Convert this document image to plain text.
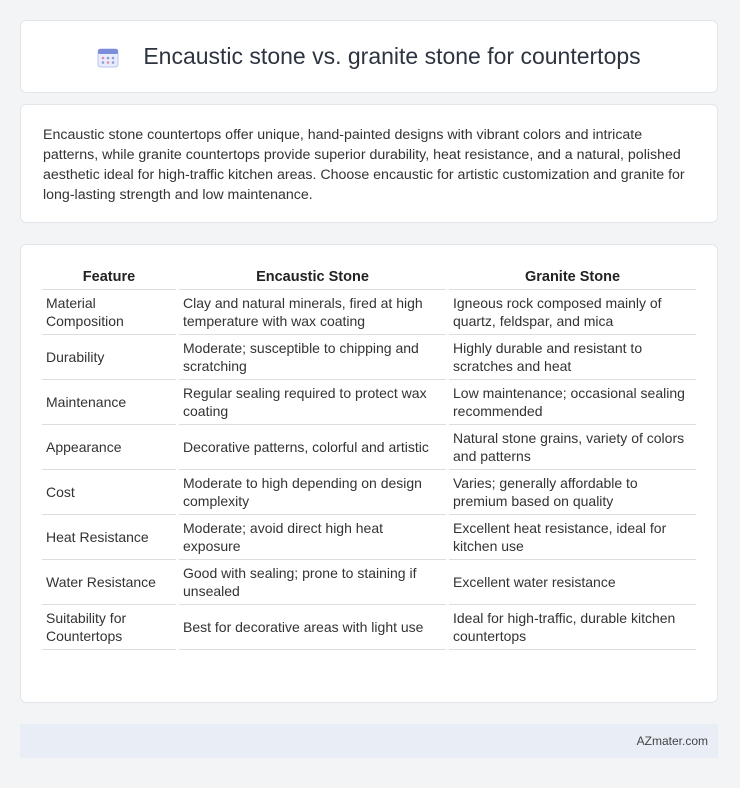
Encaustic stone vs. granite stone for countertops

Encaustic stone countertops offer unique, hand-painted designs with vibrant colors and intricate patterns, while granite countertops provide superior durability, heat resistance, and a natural, polished aesthetic ideal for high-traffic kitchen areas. Choose encaustic for artistic customization and granite for long-lasting strength and low maintenance.

Feature	Encaustic Stone	Granite Stone
Material Composition	Clay and natural minerals, fired at high temperature with wax coating	Igneous rock composed mainly of quartz, feldspar, and mica
Durability	Moderate; susceptible to chipping and scratching	Highly durable and resistant to scratches and heat
Maintenance	Regular sealing required to protect wax coating	Low maintenance; occasional sealing recommended
Appearance	Decorative patterns, colorful and artistic	Natural stone grains, variety of colors and patterns
Cost	Moderate to high depending on design complexity	Varies; generally affordable to premium based on quality
Heat Resistance	Moderate; avoid direct high heat exposure	Excellent heat resistance, ideal for kitchen use
Water Resistance	Good with sealing; prone to staining if unsealed	Excellent water resistance
Suitability for Countertops	Best for decorative areas with light use	Ideal for high-traffic, durable kitchen countertops
AZmater.com
